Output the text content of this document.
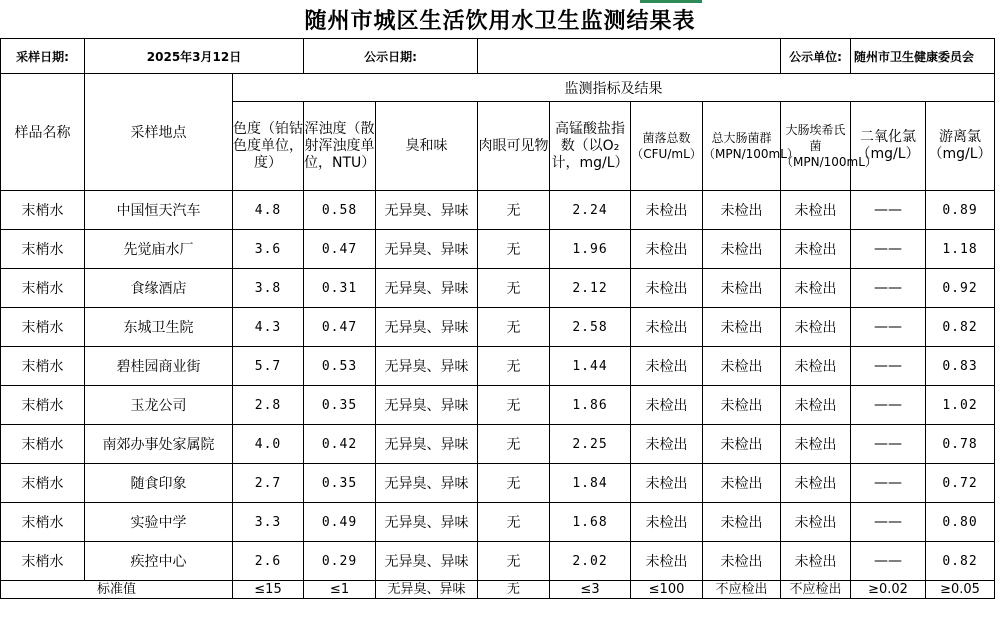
随州市城区生活饮用水卫生监测结果表
采样日期:	2025年3月12日		公示日期:						公示单位:	随州市卫生健康委员会	
样品名称	采样地点	监测指标及结果									
		色度（铂钴色度单位，度）	浑浊度（散射浑浊度单位，NTU）	臭和味	肉眼可见物	高锰酸盐指数（以O₂计，mg/L）	菌落总数（CFU/mL）	总大肠菌群（MPN/100mL）	大肠埃希氏菌（MPN/100mL）	二氧化氯（mg/L）	游离氯（mg/L）
末梢水	中国恒天汽车	4.8	0.58	无异臭、异味	无	2.24	未检出	未检出	未检出	——	0.89
末梢水	先觉庙水厂	3.6	0.47	无异臭、异味	无	1.96	未检出	未检出	未检出	——	1.18
末梢水	食缘酒店	3.8	0.31	无异臭、异味	无	2.12	未检出	未检出	未检出	——	0.92
末梢水	东城卫生院	4.3	0.47	无异臭、异味	无	2.58	未检出	未检出	未检出	——	0.82
末梢水	碧桂园商业街	5.7	0.53	无异臭、异味	无	1.44	未检出	未检出	未检出	——	0.83
末梢水	玉龙公司	2.8	0.35	无异臭、异味	无	1.86	未检出	未检出	未检出	——	1.02
末梢水	南郊办事处家属院	4.0	0.42	无异臭、异味	无	2.25	未检出	未检出	未检出	——	0.78
末梢水	随食印象	2.7	0.35	无异臭、异味	无	1.84	未检出	未检出	未检出	——	0.72
末梢水	实验中学	3.3	0.49	无异臭、异味	无	1.68	未检出	未检出	未检出	——	0.80
末梢水	疾控中心	2.6	0.29	无异臭、异味	无	2.02	未检出	未检出	未检出	——	0.82
标准值		≤15	≤1	无异臭、异味	无	≤3	≤100	不应检出	不应检出	≥0.02	≥0.05
